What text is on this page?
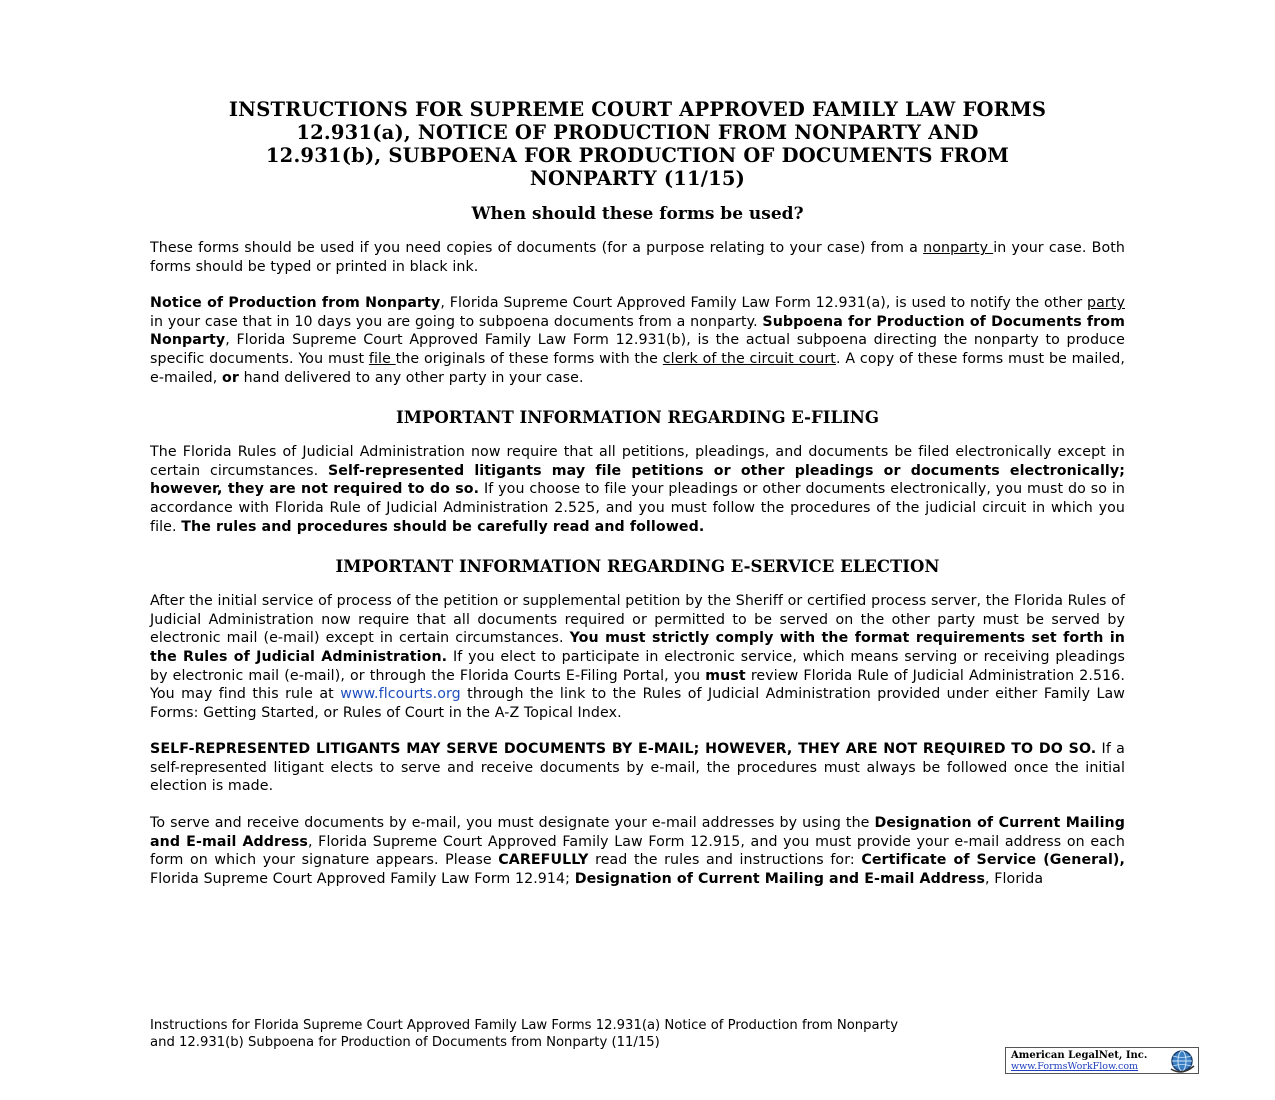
INSTRUCTIONS FOR SUPREME COURT APPROVED FAMILY LAW FORMS
12.931(a), NOTICE OF PRODUCTION FROM NONPARTY AND
12.931(b), SUBPOENA FOR PRODUCTION OF DOCUMENTS FROM
NONPARTY (11/15)
When should these forms be used?

These forms should be used if you need copies of documents (for a purpose relating to your case) from a nonparty in your case. Both forms should be typed or printed in black ink.

Notice of Production from Nonparty, Florida Supreme Court Approved Family Law Form 12.931(a), is used to notify the other party in your case that in 10 days you are going to subpoena documents from a nonparty. Subpoena for Production of Documents from Nonparty, Florida Supreme Court Approved Family Law Form 12.931(b), is the actual subpoena directing the nonparty to produce specific documents. You must file the originals of these forms with the clerk of the circuit court. A copy of these forms must be mailed, e-mailed, or hand delivered to any other party in your case.

IMPORTANT INFORMATION REGARDING E-FILING

The Florida Rules of Judicial Administration now require that all petitions, pleadings, and documents be filed electronically except in certain circumstances. Self-represented litigants may file petitions or other pleadings or documents electronically; however, they are not required to do so. If you choose to file your pleadings or other documents electronically, you must do so in accordance with Florida Rule of Judicial Administration 2.525, and you must follow the procedures of the judicial circuit in which you file. The rules and procedures should be carefully read and followed.

IMPORTANT INFORMATION REGARDING E-SERVICE ELECTION

After the initial service of process of the petition or supplemental petition by the Sheriff or certified process server, the Florida Rules of Judicial Administration now require that all documents required or permitted to be served on the other party must be served by electronic mail (e-mail) except in certain circumstances. You must strictly comply with the format requirements set forth in the Rules of Judicial Administration. If you elect to participate in electronic service, which means serving or receiving pleadings by electronic mail (e-mail), or through the Florida Courts E-Filing Portal, you must review Florida Rule of Judicial Administration 2.516. You may find this rule at www.flcourts.org through the link to the Rules of Judicial Administration provided under either Family Law Forms: Getting Started, or Rules of Court in the A-Z Topical Index.

SELF-REPRESENTED LITIGANTS MAY SERVE DOCUMENTS BY E-MAIL; HOWEVER, THEY ARE NOT REQUIRED TO DO SO. If a self-represented litigant elects to serve and receive documents by e-mail, the procedures must always be followed once the initial election is made.

To serve and receive documents by e-mail, you must designate your e-mail addresses by using the Designation of Current Mailing and E-mail Address, Florida Supreme Court Approved Family Law Form 12.915, and you must provide your e-mail address on each form on which your signature appears. Please CAREFULLY read the rules and instructions for: Certificate of Service (General), Florida Supreme Court Approved Family Law Form 12.914; Designation of Current Mailing and E-mail Address, Florida

Instructions for Florida Supreme Court Approved Family Law Forms 12.931(a) Notice of Production from Nonparty
and 12.931(b) Subpoena for Production of Documents from Nonparty (11/15)
American LegalNet, Inc.
www.FormsWorkFlow.com
